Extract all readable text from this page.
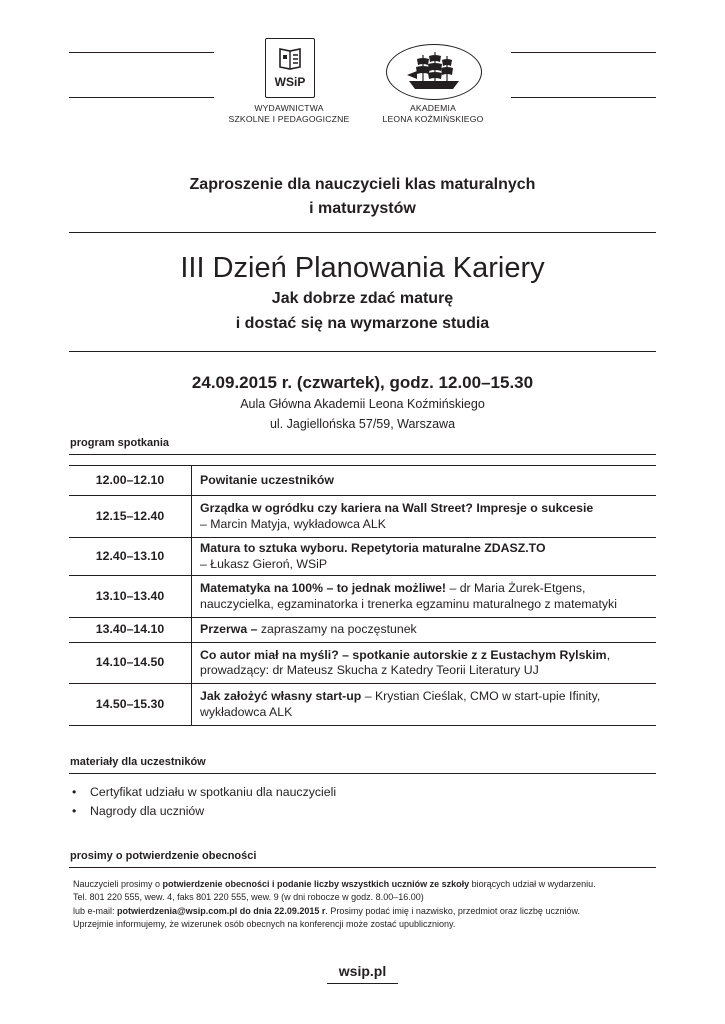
WSiP
WYDAWNICTWA
SZKOLNE I PEDAGOGICZNE
AKADEMIA
LEONA KOŹMIŃSKIEGO
Zaproszenie dla nauczycieli klas maturalnych
i maturzystów
III Dzień Planowania Kariery
Jak dobrze zdać maturę
i dostać się na wymarzone studia
24.09.2015 r. (czwartek), godz. 12.00–15.30
Aula Główna Akademii Leona Koźmińskiego
ul. Jagiellońska 57/59, Warszawa
program spotkania
12.00–12.10	Powitanie uczestników
12.15–12.40	Grządka w ogródku czy kariera na Wall Street? Impresje o sukcesie
– Marcin Matyja, wykładowca ALK
12.40–13.10	Matura to sztuka wyboru. Repetytoria maturalne ZDASZ.TO
– Łukasz Gieroń, WSiP
13.10–13.40	Matematyka na 100% – to jednak możliwe! – dr Maria Żurek-Etgens,
nauczycielka, egzaminatorka i trenerka egzaminu maturalnego z matematyki
13.40–14.10	Przerwa – zapraszamy na poczęstunek
14.10–14.50	Co autor miał na myśli? – spotkanie autorskie z z Eustachym Rylskim,
prowadzący: dr Mateusz Skucha z Katedry Teorii Literatury UJ
14.50–15.30	Jak założyć własny start-up – Krystian Cieślak, CMO w start-upie Ifinity,
wykładowca ALK
materiały dla uczestników
• Certyfikat udziału w spotkaniu dla nauczycieli
• Nagrody dla uczniów
prosimy o potwierdzenie obecności
Nauczycieli prosimy o potwierdzenie obecności i podanie liczby wszystkich uczniów ze szkoły biorących udział w wydarzeniu.
Tel. 801 220 555, wew. 4, faks 801 220 555, wew. 9 (w dni robocze w godz. 8.00–16.00)
lub e-mail: potwierdzenia@wsip.com.pl do dnia 22.09.2015 r. Prosimy podać imię i nazwisko, przedmiot oraz liczbę uczniów.
Uprzejmie informujemy, że wizerunek osób obecnych na konferencji może zostać upubliczniony.
wsip.pl
